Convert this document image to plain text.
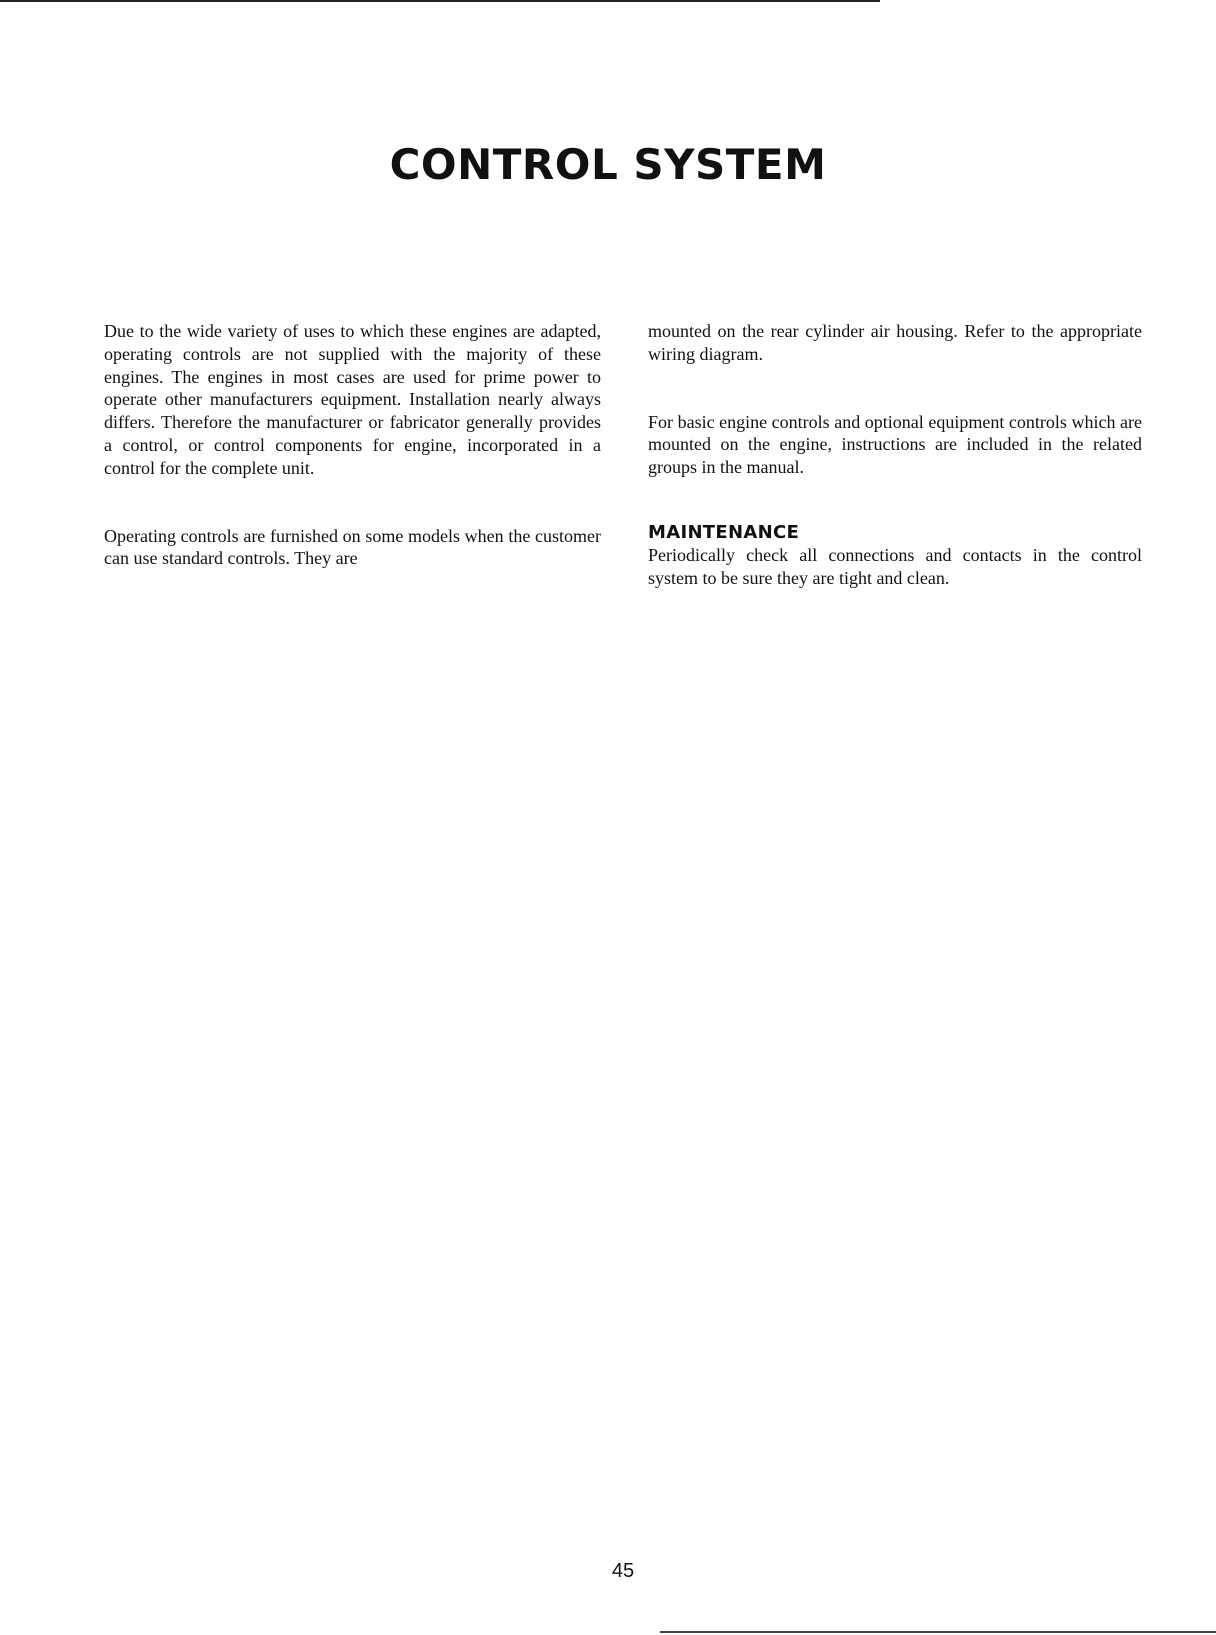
CONTROL SYSTEM

Due to the wide variety of uses to which these engines are adapted, operating controls are not supplied with the majority of these engines. The engines in most cases are used for prime power to operate other manufacturers equipment. Installation nearly always differs. Therefore the manufacturer or fabricator generally provides a control, or control components for engine, incorporated in a control for the complete unit.

Operating controls are furnished on some models when the customer can use standard controls. They are

mounted on the rear cylinder air housing. Refer to the appropriate wiring diagram.

For basic engine controls and optional equipment controls which are mounted on the engine, instructions are included in the related groups in the manual.

MAINTENANCE

Periodically check all connections and contacts in the control system to be sure they are tight and clean.

45
